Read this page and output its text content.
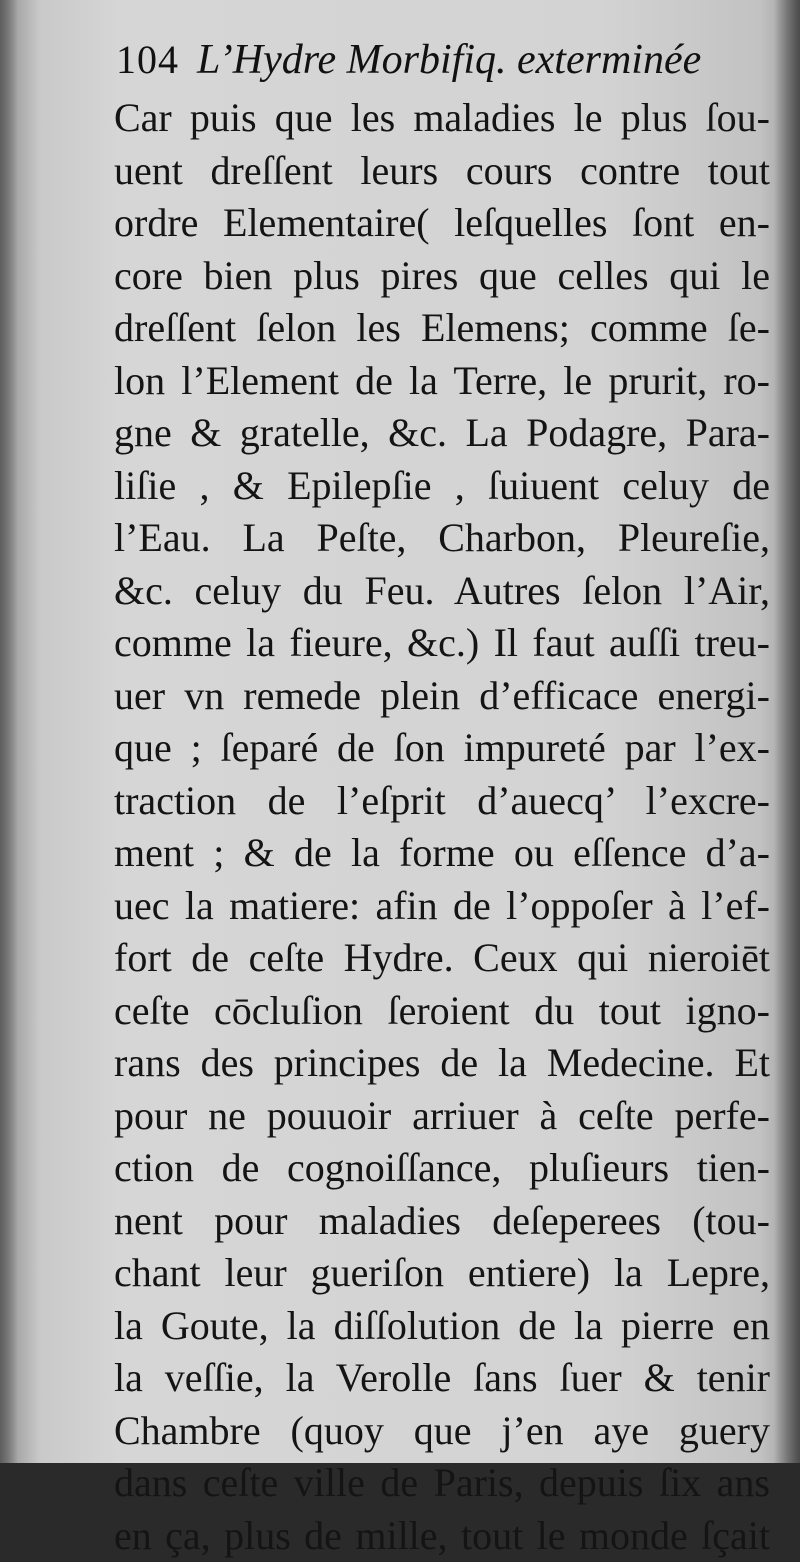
104 L’Hydre Morbifiq. exterminée
Car puis que les maladies le plus ſou-
uent dreſſent leurs cours contre tout
ordre Elementaire( leſquelles ſont en-
core bien plus pires que celles qui le
dreſſent ſelon les Elemens; comme ſe-
lon l’Element de la Terre, le prurit, ro-
gne & gratelle, &c. La Podagre, Para-
liſie , & Epilepſie , ſuiuent celuy de
l’Eau. La Peſte, Charbon, Pleureſie,
&c. celuy du Feu. Autres ſelon l’Air,
comme la fieure, &c.) Il faut auſſi treu-
uer vn remede plein d’efficace energi-
que ; ſeparé de ſon impureté par l’ex-
traction de l’eſprit d’auecq’ l’excre-
ment ; & de la forme ou eſſence d’a-
uec la matiere: afin de l’oppoſer à l’ef-
fort de ceſte Hydre. Ceux qui nieroiēt
ceſte cōcluſion ſeroient du tout igno-
rans des principes de la Medecine. Et
pour ne pouuoir arriuer à ceſte perfe-
ction de cognoiſſance, pluſieurs tien-
nent pour maladies deſeperees (tou-
chant leur gueriſon entiere) la Lepre,
la Goute, la diſſolution de la pierre en
la veſſie, la Verolle ſans ſuer & tenir
Chambre (quoy que j’en aye guery
dans ceſte ville de Paris, depuis ſix ans
en ça, plus de mille, tout le monde ſçait
